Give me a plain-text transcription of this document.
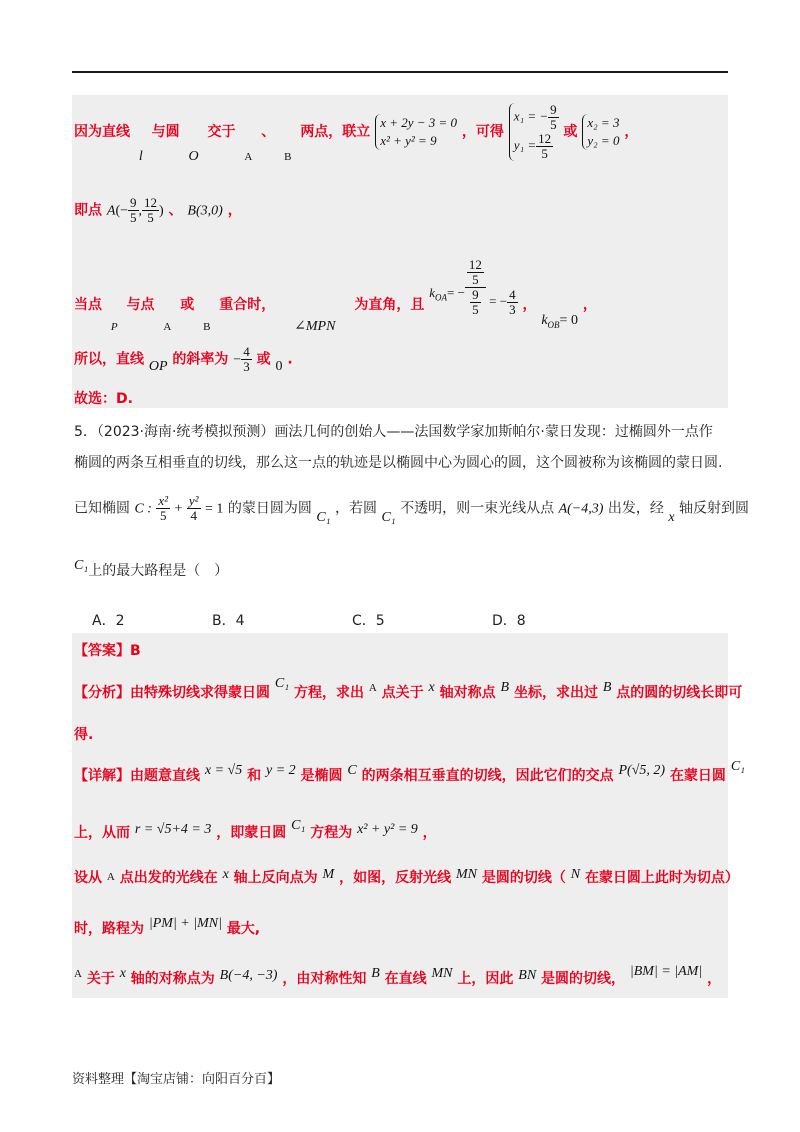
因为直线 l 与圆 O 交于 $_A$ 、 $_B$ 两点，联立 x + 2y − 3 = 0
x² + y² = 9 ，可得 x₁ = − $\frac{9}{5}$

$y_1 = \frac{12}{5}$ 或 x₂ = 3
y₂ = 0 ，
即点 $A(- \frac{9}{5}$ , $\frac{12}{5}$ ) 、 B(3,0) ，
当点 $_P$ 与点 $_A$ 或 $_B$ 重合时， ∠MPN 为直角，且
$k_{OA}= - \frac{\frac{12}{5}}{\frac{9}{5}}$ = − $\frac{4}{3}$ ， $k_{OB}= 0$ ，
所以，直线 OP 的斜率为 − $\frac{4}{3}$ 或 0 .
故选：D.
5．（2023·海南·统考模拟预测）画法几何的创始人——法国数学家加斯帕尔·蒙日发现：过椭圆外一点作
椭圆的两条互相垂直的切线，那么这一点的轨迹是以椭圆中心为圆心的圆，这个圆被称为该椭圆的蒙日圆.
已知椭圆 C : $\frac{\text{x²}}{5} + \frac{\text{y²}}{4} = 1$ 的蒙日圆为圆 C₁ ，若圆 C₁ 不透明，则一束光线从点 A(−4,3) 出发，经 x 轴反射到圆
C₁上的最大路程是（　）
A．2	B．4	C．5	D．8
【答案】B
【分析】由特殊切线求得蒙日圆 C₁ 方程，求出 $^A$ 点关于 x 轴对称点 B 坐标，求出过 B 点的圆的切线长即可
得.
【详解】由题意直线 x = √5 和 y = 2 是椭圆 C 的两条相互垂直的切线，因此它们的交点 P(√5, 2) 在蒙日圆 C₁
上，从而 r = √5+4 = 3 ，即蒙日圆 C₁ 方程为 x² + y² = 9 ，
设从 A 点出发的光线在 x 轴上反向点为 M ，如图，反射光线 MN 是圆的切线（ N 在蒙日圆上此时为切点）
时，路程为 |PM| + |MN| 最大,
$^A$ 关于 x 轴的对称点为 B(−4, −3) ，由对称性知 B 在直线 MN 上，因此 BN 是圆的切线， |BM| = |AM| ，
资料整理【淘宝店铺：向阳百分百】
